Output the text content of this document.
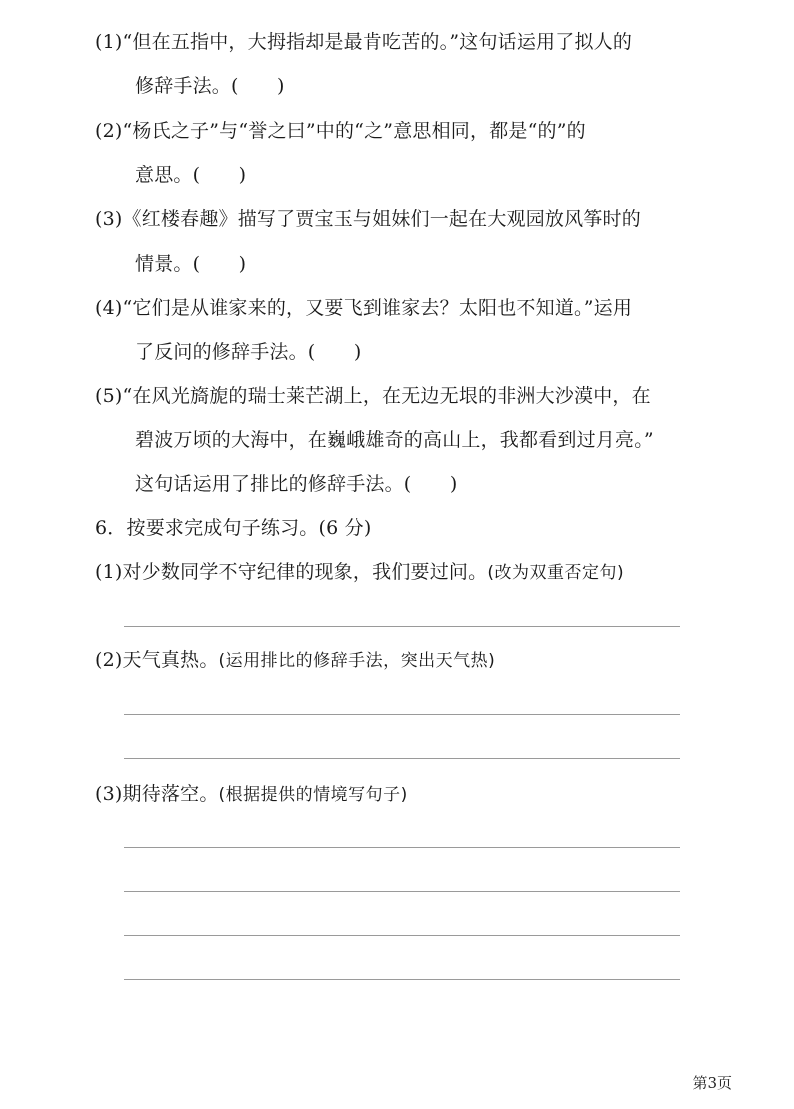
(1)“但在五指中，大拇指却是最肯吃苦的。”这句话运用了拟人的
修辞手法。(　　)
(2)“杨氏之子”与“誉之曰”中的“之”意思相同，都是“的”的
意思。(　　)
(3)《红楼春趣》描写了贾宝玉与姐妹们一起在大观园放风筝时的
情景。(　　)
(4)“它们是从谁家来的，又要飞到谁家去？太阳也不知道。”运用
了反问的修辞手法。(　　)
(5)“在风光旖旎的瑞士莱芒湖上，在无边无垠的非洲大沙漠中，在
碧波万顷的大海中，在巍峨雄奇的高山上，我都看到过月亮。”
这句话运用了排比的修辞手法。(　　)
6．按要求完成句子练习。(6 分)
(1)对少数同学不守纪律的现象，我们要过问。(改为双重否定句)
(2)天气真热。(运用排比的修辞手法，突出天气热)
(3)期待落空。(根据提供的情境写句子)
第3页
